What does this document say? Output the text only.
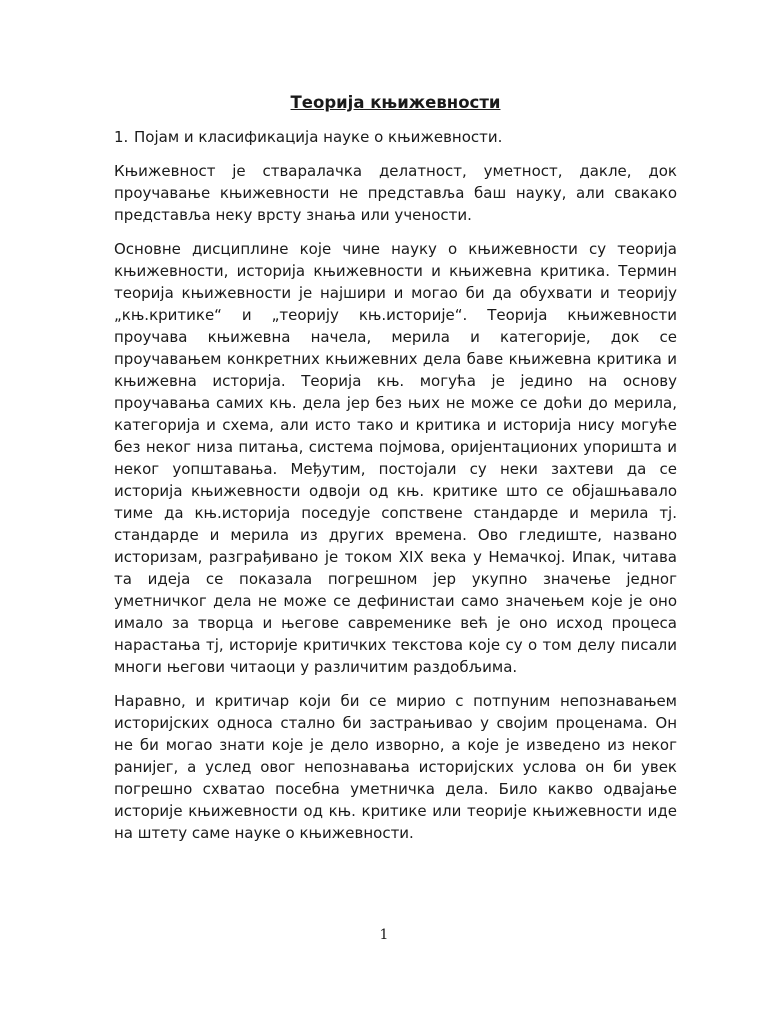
Теорија књижевности
1. Појам и класификација науке о књижевности.

Књижевност је стваралачка делатност, уметност, дакле, док проучавање књижевности не представља баш науку, али свакако представља неку врсту знања или учености.

Основне дисциплине које чине науку о књижевности су теорија књижевности, историја књижевности и књижевна критика. Термин теорија књижевности је најшири и могао би да обухвати и теорију „књ.критике“ и „теорију књ.историје“. Теорија књижевности проучава књижевна начела, мерила и категорије, док се проучавањем конкретних књижевних дела баве књижевна критика и књижевна историја. Теорија књ. могућа је једино на основу проучавања самих књ. дела јер без њих не може се доћи до мерила, категорија и схема, али исто тако и критика и историја нису могуће без неког низа питања, система појмова, оријентационих упоришта и неког уопштавања. Међутим, постојали су неки захтеви да се историја књижевности одвоји од књ. критике што се објашњавало тиме да књ.историја поседује сопствене стандарде и мерила тј. стандарде и мерила из других времена. Ово гледиште, названо историзам, разграђивано је током XIX века у Немачкој. Ипак, читава та идеја се показала погрешном јер укупно значење једног уметничког дела не може се дефинистаи само значењем које је оно имало за творца и његове савременике већ је оно исход процеса нарастања тј, историје критичких текстова које су о том делу писали многи његови читаоци у различитим раздобљима.

Наравно, и критичар који би се мирио с потпуним непознавањем историјских односа стално би застрањивао у својим проценама. Он не би могао знати које је дело изворно, а које је изведено из неког ранијег, а услед овог непознавања историјских услова он би увек погрешно схватао посебна уметничка дела. Било какво одвајање историје књижевности од књ. критике или теорије књижевности иде на штету саме науке о књижевности.

1
